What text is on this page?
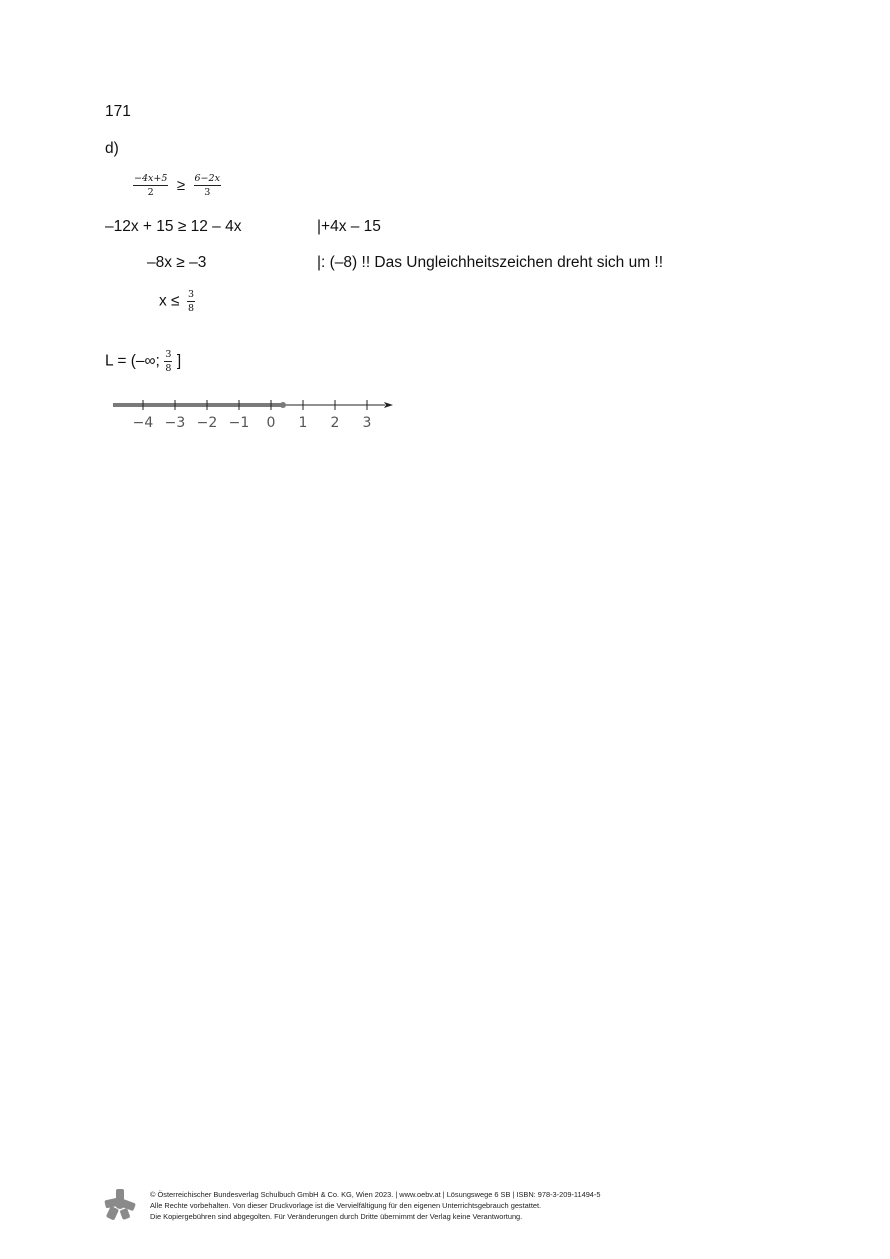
171
d)
$\frac{\text{−4𝑥+5}}{2} \ge \frac{\text{6−2𝑥}}{3}$
–12x + 15 ≥ 12 – 4x	|+4x – 15
–8x ≥ –3	|: (–8) !! Das Ungleichheitszeichen dreht sich um !!
$x \le \frac{3}{8}$
L = (–∞; $\frac{3}{8}$ ]
−4 −3 −2 −1 0 1 2 3
© Österreichischer Bundesverlag Schulbuch GmbH & Co. KG, Wien 2023. | www.oebv.at | Lösungswege 6 SB | ISBN: 978-3-209-11494-5
Alle Rechte vorbehalten. Von dieser Druckvorlage ist die Vervielfältigung für den eigenen Unterrichtsgebrauch gestattet.
Die Kopiergebühren sind abgegolten. Für Veränderungen durch Dritte übernimmt der Verlag keine Verantwortung.
